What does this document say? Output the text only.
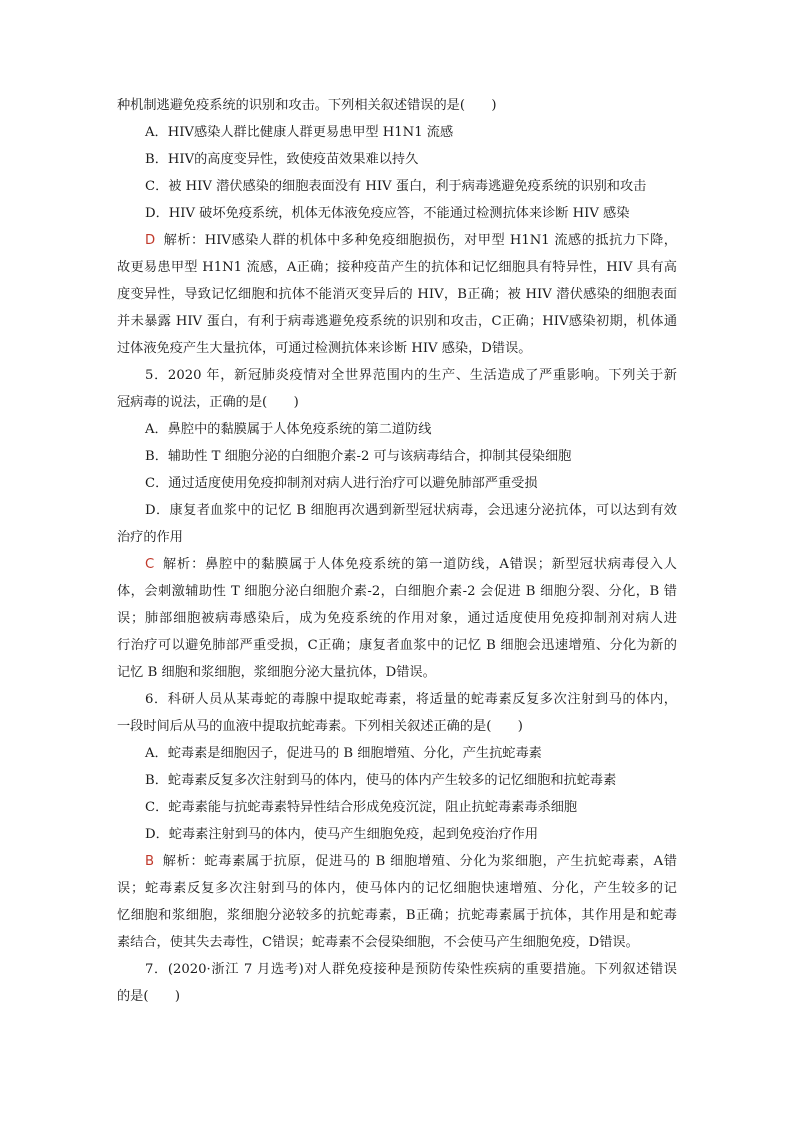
种机制逃避免疫系统的识别和攻击。下列相关叙述错误的是(　　)

A．HIV感染人群比健康人群更易患甲型 H1N1 流感

B．HIV的高度变异性，致使疫苗效果难以持久

C．被 HIV 潜伏感染的细胞表面没有 HIV 蛋白，利于病毒逃避免疫系统的识别和攻击

D．HIV 破坏免疫系统，机体无体液免疫应答，不能通过检测抗体来诊断 HIV 感染

D 解析：HIV感染人群的机体中多种免疫细胞损伤，对甲型 H1N1 流感的抵抗力下降，

故更易患甲型 H1N1 流感，A正确；接种疫苗产生的抗体和记忆细胞具有特异性，HIV 具有高

度变异性，导致记忆细胞和抗体不能消灭变异后的 HIV，B正确；被 HIV 潜伏感染的细胞表面

并未暴露 HIV 蛋白，有利于病毒逃避免疫系统的识别和攻击，C正确；HIV感染初期，机体通

过体液免疫产生大量抗体，可通过检测抗体来诊断 HIV 感染，D错误。

5．2020 年，新冠肺炎疫情对全世界范围内的生产、生活造成了严重影响。下列关于新

冠病毒的说法，正确的是(　　)

A．鼻腔中的黏膜属于人体免疫系统的第二道防线

B．辅助性 T 细胞分泌的白细胞介素-2 可与该病毒结合，抑制其侵染细胞

C．通过适度使用免疫抑制剂对病人进行治疗可以避免肺部严重受损

D．康复者血浆中的记忆 B 细胞再次遇到新型冠状病毒，会迅速分泌抗体，可以达到有效

治疗的作用

C 解析：鼻腔中的黏膜属于人体免疫系统的第一道防线，A错误；新型冠状病毒侵入人

体，会刺激辅助性 T 细胞分泌白细胞介素-2，白细胞介素-2 会促进 B 细胞分裂、分化，B 错

误；肺部细胞被病毒感染后，成为免疫系统的作用对象，通过适度使用免疫抑制剂对病人进

行治疗可以避免肺部严重受损，C正确；康复者血浆中的记忆 B 细胞会迅速增殖、分化为新的

记忆 B 细胞和浆细胞，浆细胞分泌大量抗体，D错误。

6．科研人员从某毒蛇的毒腺中提取蛇毒素，将适量的蛇毒素反复多次注射到马的体内，

一段时间后从马的血液中提取抗蛇毒素。下列相关叙述正确的是(　　)

A．蛇毒素是细胞因子，促进马的 B 细胞增殖、分化，产生抗蛇毒素

B．蛇毒素反复多次注射到马的体内，使马的体内产生较多的记忆细胞和抗蛇毒素

C．蛇毒素能与抗蛇毒素特异性结合形成免疫沉淀，阻止抗蛇毒素毒杀细胞

D．蛇毒素注射到马的体内，使马产生细胞免疫，起到免疫治疗作用

B 解析：蛇毒素属于抗原，促进马的 B 细胞增殖、分化为浆细胞，产生抗蛇毒素，A错

误；蛇毒素反复多次注射到马的体内，使马体内的记忆细胞快速增殖、分化，产生较多的记

忆细胞和浆细胞，浆细胞分泌较多的抗蛇毒素，B正确；抗蛇毒素属于抗体，其作用是和蛇毒

素结合，使其失去毒性，C错误；蛇毒素不会侵染细胞，不会使马产生细胞免疫，D错误。

7．(2020·浙江 7 月选考)对人群免疫接种是预防传染性疾病的重要措施。下列叙述错误

的是(　　)
